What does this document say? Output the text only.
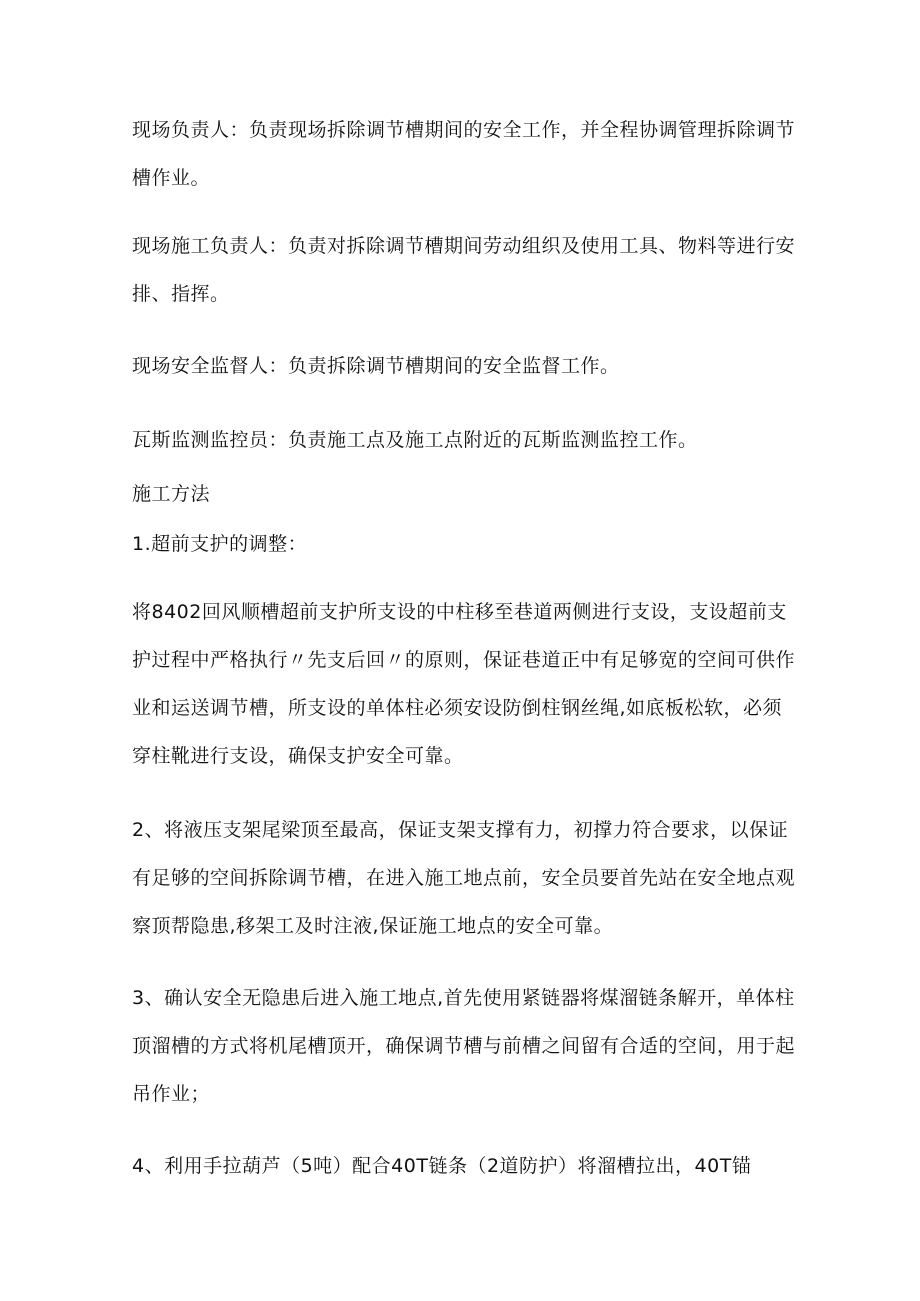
现场负责人：负责现场拆除调节槽期间的安全工作，并全程协调管理拆除调节槽作业。

现场施工负责人：负责对拆除调节槽期间劳动组织及使用工具、物料等进行安排、指挥。

现场安全监督人：负责拆除调节槽期间的安全监督工作。

瓦斯监测监控员：负责施工点及施工点附近的瓦斯监测监控工作。

施工方法

1.超前支护的调整：

将8402回风顺槽超前支护所支设的中柱移至巷道两侧进行支设，支设超前支护过程中严格执行〃先支后回〃的原则，保证巷道正中有足够宽的空间可供作业和运送调节槽，所支设的单体柱必须安设防倒柱钢丝绳,如底板松软，必须穿柱靴进行支设，确保支护安全可靠。

2、将液压支架尾梁顶至最高，保证支架支撑有力，初撑力符合要求，以保证有足够的空间拆除调节槽，在进入施工地点前，安全员要首先站在安全地点观察顶帮隐患,移架工及时注液,保证施工地点的安全可靠。

3、确认安全无隐患后进入施工地点,首先使用紧链器将煤溜链条解开，单体柱顶溜槽的方式将机尾槽顶开，确保调节槽与前槽之间留有合适的空间，用于起吊作业；

4、利用手拉葫芦（5吨）配合40T链条（2道防护）将溜槽拉出，40T锚
